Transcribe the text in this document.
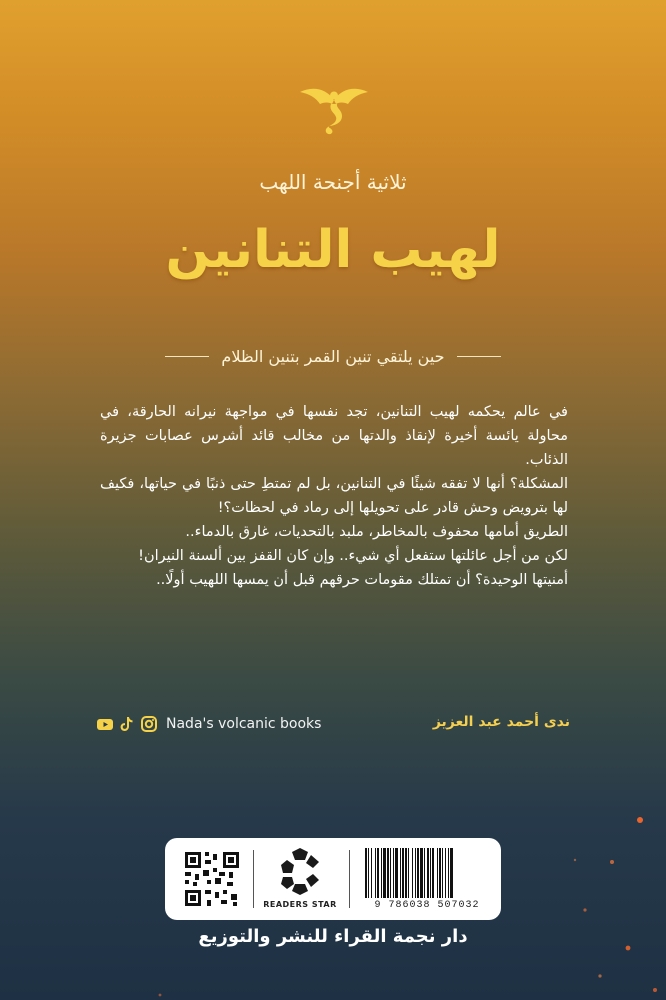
ثلاثية أجنحة اللهب
لهيب التنانين
حين يلتقي تنين القمر بتنين الظلام

في عالم يحكمه لهيب التنانين، تجد نفسها في مواجهة نيرانه الحارقة، في محاولة يائسة أخيرة لإنقاذ والدتها من مخالب قائد أشرس عصابات جزيرة الذئاب.

المشكلة؟ أنها لا تفقه شيئًا في التنانين، بل لم تمتطِ حتى ذنبًا في حياتها، فكيف لها بترويض وحش قادر على تحويلها إلى رماد في لحظات؟!

الطريق أمامها محفوف بالمخاطر، ملبد بالتحديات، غارق بالدماء..

لكن من أجل عائلتها ستفعل أي شيء.. وإن كان القفز بين ألسنة النيران!

أمنيتها الوحيدة؟ أن تمتلك مقومات حرقهم قبل أن يمسها اللهيب أولًا..

Nada's volcanic books	ندى أحمد عبد العزيز
READERS STAR	9 786038 507032
دار نجمة القراء للنشر والتوزيع
